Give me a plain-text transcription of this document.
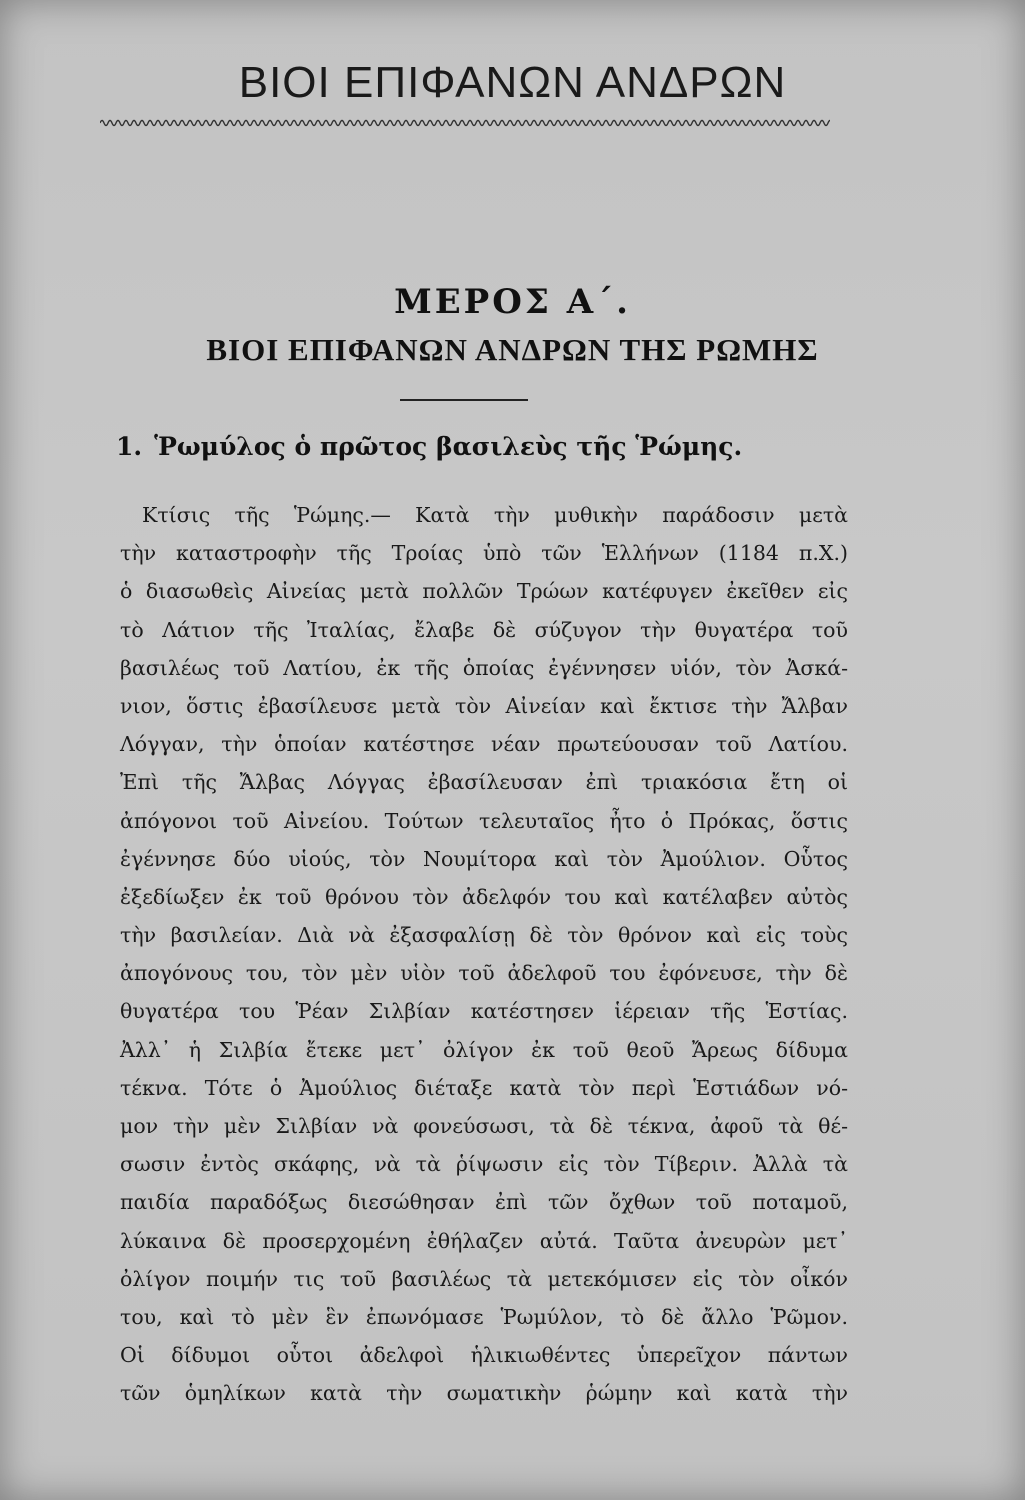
ΒΙΟΙ ΕΠΙΦΑΝΩΝ ΑΝΔΡΩΝ
ΜΕΡΟΣ Α΄.
ΒΙΟΙ ΕΠΙΦΑΝΩΝ ΑΝΔΡΩΝ ΤΗΣ ΡΩΜΗΣ
1. Ῥωμύλος ὁ πρῶτος βασιλεὺς τῆς Ῥώμης.
Κτίσις τῆς Ῥώμης.— Κατὰ τὴν μυθικὴν παράδοσιν μετὰ
τὴν καταστροφὴν τῆς Τροίας ὑπὸ τῶν Ἑλλήνων (1184 π.Χ.)
ὁ διασωθεὶς Αἰνείας μετὰ πολλῶν Τρώων κατέφυγεν ἐκεῖθεν εἰς
τὸ Λάτιον τῆς Ἰταλίας, ἔλαβε δὲ σύζυγον τὴν θυγατέρα τοῦ
βασιλέως τοῦ Λατίου, ἐκ τῆς ὁποίας ἐγέννησεν υἱόν, τὸν Ἀσκά-
νιον, ὅστις ἐβασίλευσε μετὰ τὸν Αἰνείαν καὶ ἔκτισε τὴν Ἄλβαν
Λόγγαν, τὴν ὁποίαν κατέστησε νέαν πρωτεύουσαν τοῦ Λατίου.
Ἐπὶ τῆς Ἄλβας Λόγγας ἐβασίλευσαν ἐπὶ τριακόσια ἔτη οἱ
ἀπόγονοι τοῦ Αἰνείου. Τούτων τελευταῖος ἦτο ὁ Πρόκας, ὅστις
ἐγέννησε δύο υἱούς, τὸν Νουμίτορα καὶ τὸν Ἀμούλιον. Οὗτος
ἐξεδίωξεν ἐκ τοῦ θρόνου τὸν ἀδελφόν του καὶ κατέλαβεν αὐτὸς
τὴν βασιλείαν. Διὰ νὰ ἐξασφαλίσῃ δὲ τὸν θρόνον καὶ εἰς τοὺς
ἀπογόνους του, τὸν μὲν υἱὸν τοῦ ἀδελφοῦ του ἐφόνευσε, τὴν δὲ
θυγατέρα του Ῥέαν Σιλβίαν κατέστησεν ἱέρειαν τῆς Ἑστίας.
Ἀλλ᾽ ἡ Σιλβία ἔτεκε μετ᾽ ὀλίγον ἐκ τοῦ θεοῦ Ἄρεως δίδυμα
τέκνα. Τότε ὁ Ἀμούλιος διέταξε κατὰ τὸν περὶ Ἑστιάδων νό-
μον τὴν μὲν Σιλβίαν νὰ φονεύσωσι, τὰ δὲ τέκνα, ἀφοῦ τὰ θέ-
σωσιν ἐντὸς σκάφης, νὰ τὰ ῥίψωσιν εἰς τὸν Τίβεριν. Ἀλλὰ τὰ
παιδία παραδόξως διεσώθησαν ἐπὶ τῶν ὄχθων τοῦ ποταμοῦ,
λύκαινα δὲ προσερχομένη ἐθήλαζεν αὐτά. Ταῦτα ἀνευρὼν μετ᾽
ὀλίγον ποιμήν τις τοῦ βασιλέως τὰ μετεκόμισεν εἰς τὸν οἶκόν
του, καὶ τὸ μὲν ἓν ἐπωνόμασε Ῥωμύλον, τὸ δὲ ἄλλο Ῥῶμον.
Οἱ δίδυμοι οὗτοι ἀδελφοὶ ἡλικιωθέντες ὑπερεῖχον πάντων
τῶν ὁμηλίκων κατὰ τὴν σωματικὴν ῥώμην καὶ κατὰ τὴν
